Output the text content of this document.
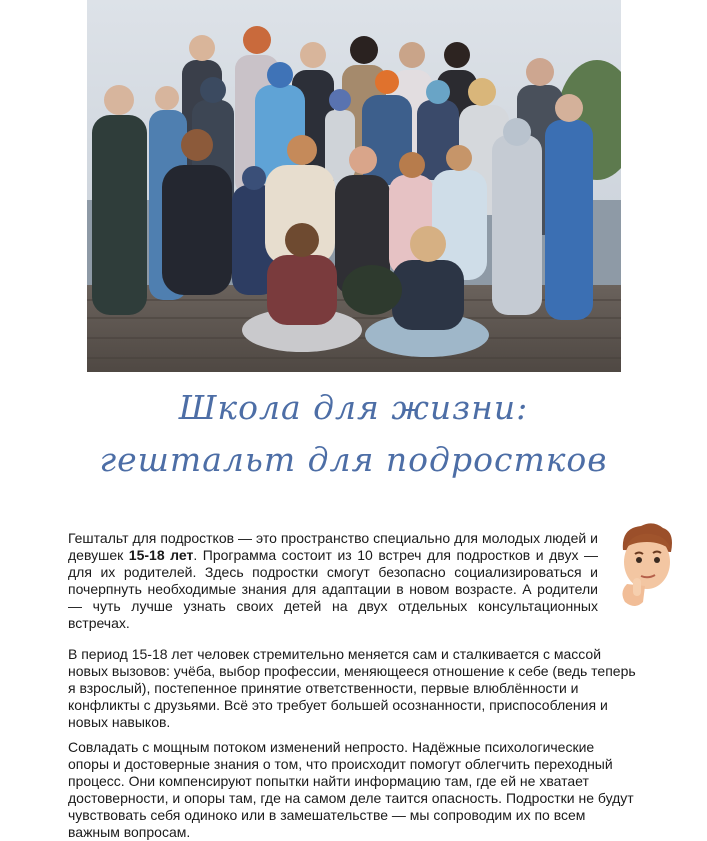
Школа для жизни:
гештальт для подростков

Гештальт для подростков — это пространство специально для молодых людей и девушек 15-18 лет. Программа состоит из 10 встреч для подростков и двух — для их родителей. Здесь подростки смогут безопасно социализироваться и почерпнуть необходимые знания для адаптации в новом возрасте. А родители — чуть лучше узнать своих детей на двух отдельных консультационных встречах.

В период 15-18 лет человек стремительно меняется сам и сталкивается с массой новых вызовов: учёба, выбор профессии, меняющееся отношение к себе (ведь теперь я взрослый), постепенное принятие ответственности, первые влюблённости и конфликты с друзьями. Всё это требует большей осознанности, приспособления и новых навыков.

Совладать с мощным потоком изменений непросто. Надёжные психологические опоры и достоверные знания о том, что происходит помогут облегчить переходный процесс. Они компенсируют попытки найти информацию там, где ей не хватает достоверности, и опоры там, где на самом деле таится опасность. Подростки не будут чувствовать себя одиноко или в замешательстве — мы сопроводим их по всем важным вопросам.
